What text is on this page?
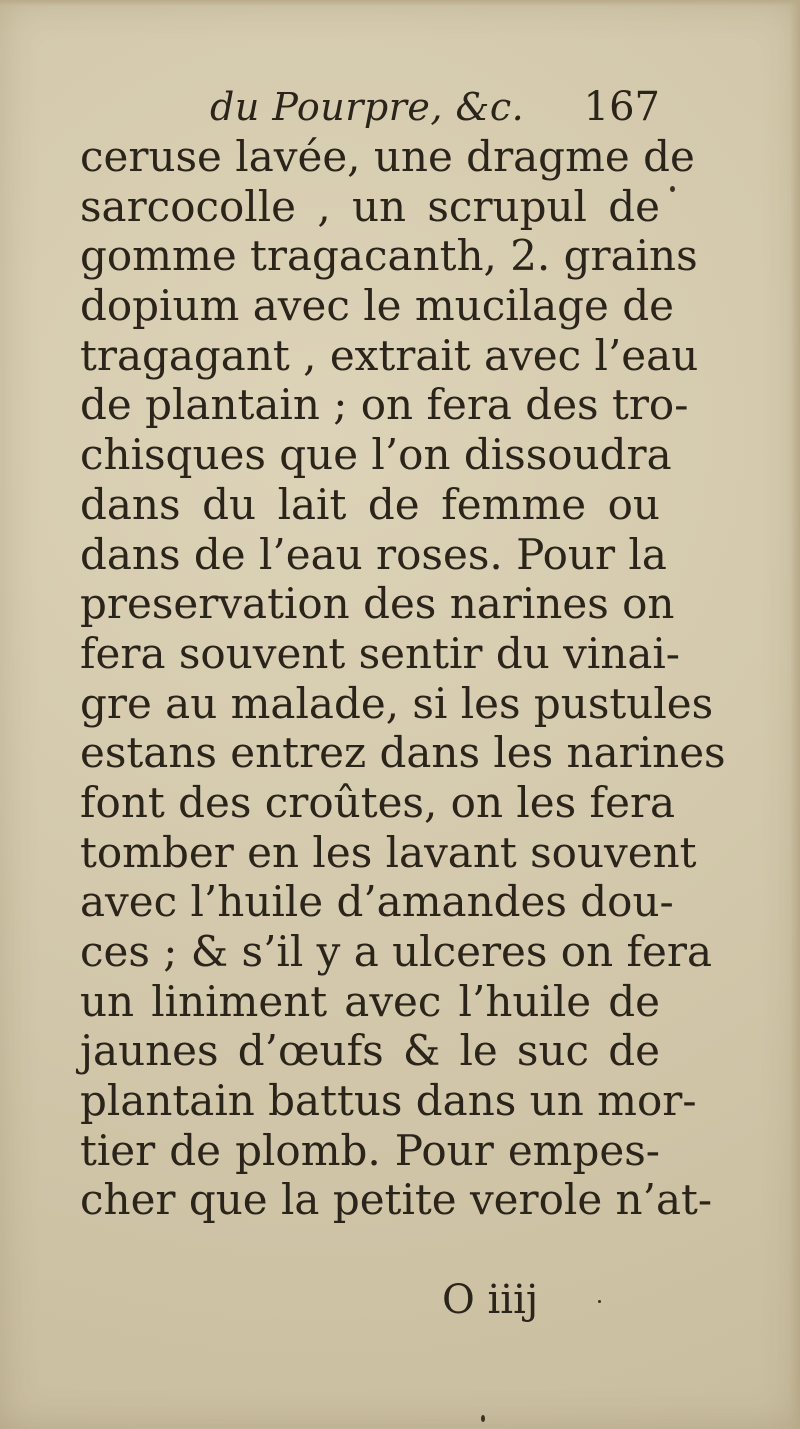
du Pourpre, &c. 167
ceruse lavée, une dragme de
sarcocolle , un scrupul de
gomme tragacanth, 2. grains
dopium avec le mucilage de
tragagant , extrait avec l’eau
de plantain ; on fera des tro-
chisques que l’on dissoudra
dans du lait de femme ou
dans de l’eau roses. Pour la
preservation des narines on
fera souvent sentir du vinai-
gre au malade, si les pustules
estans entrez dans les narines
font des croûtes, on les fera
tomber en les lavant souvent
avec l’huile d’amandes dou-
ces ; & s’il y a ulceres on fera
un liniment avec l’huile de
jaunes d’œufs & le suc de
plantain battus dans un mor-
tier de plomb. Pour empes-
cher que la petite verole n’at-
O iiij
